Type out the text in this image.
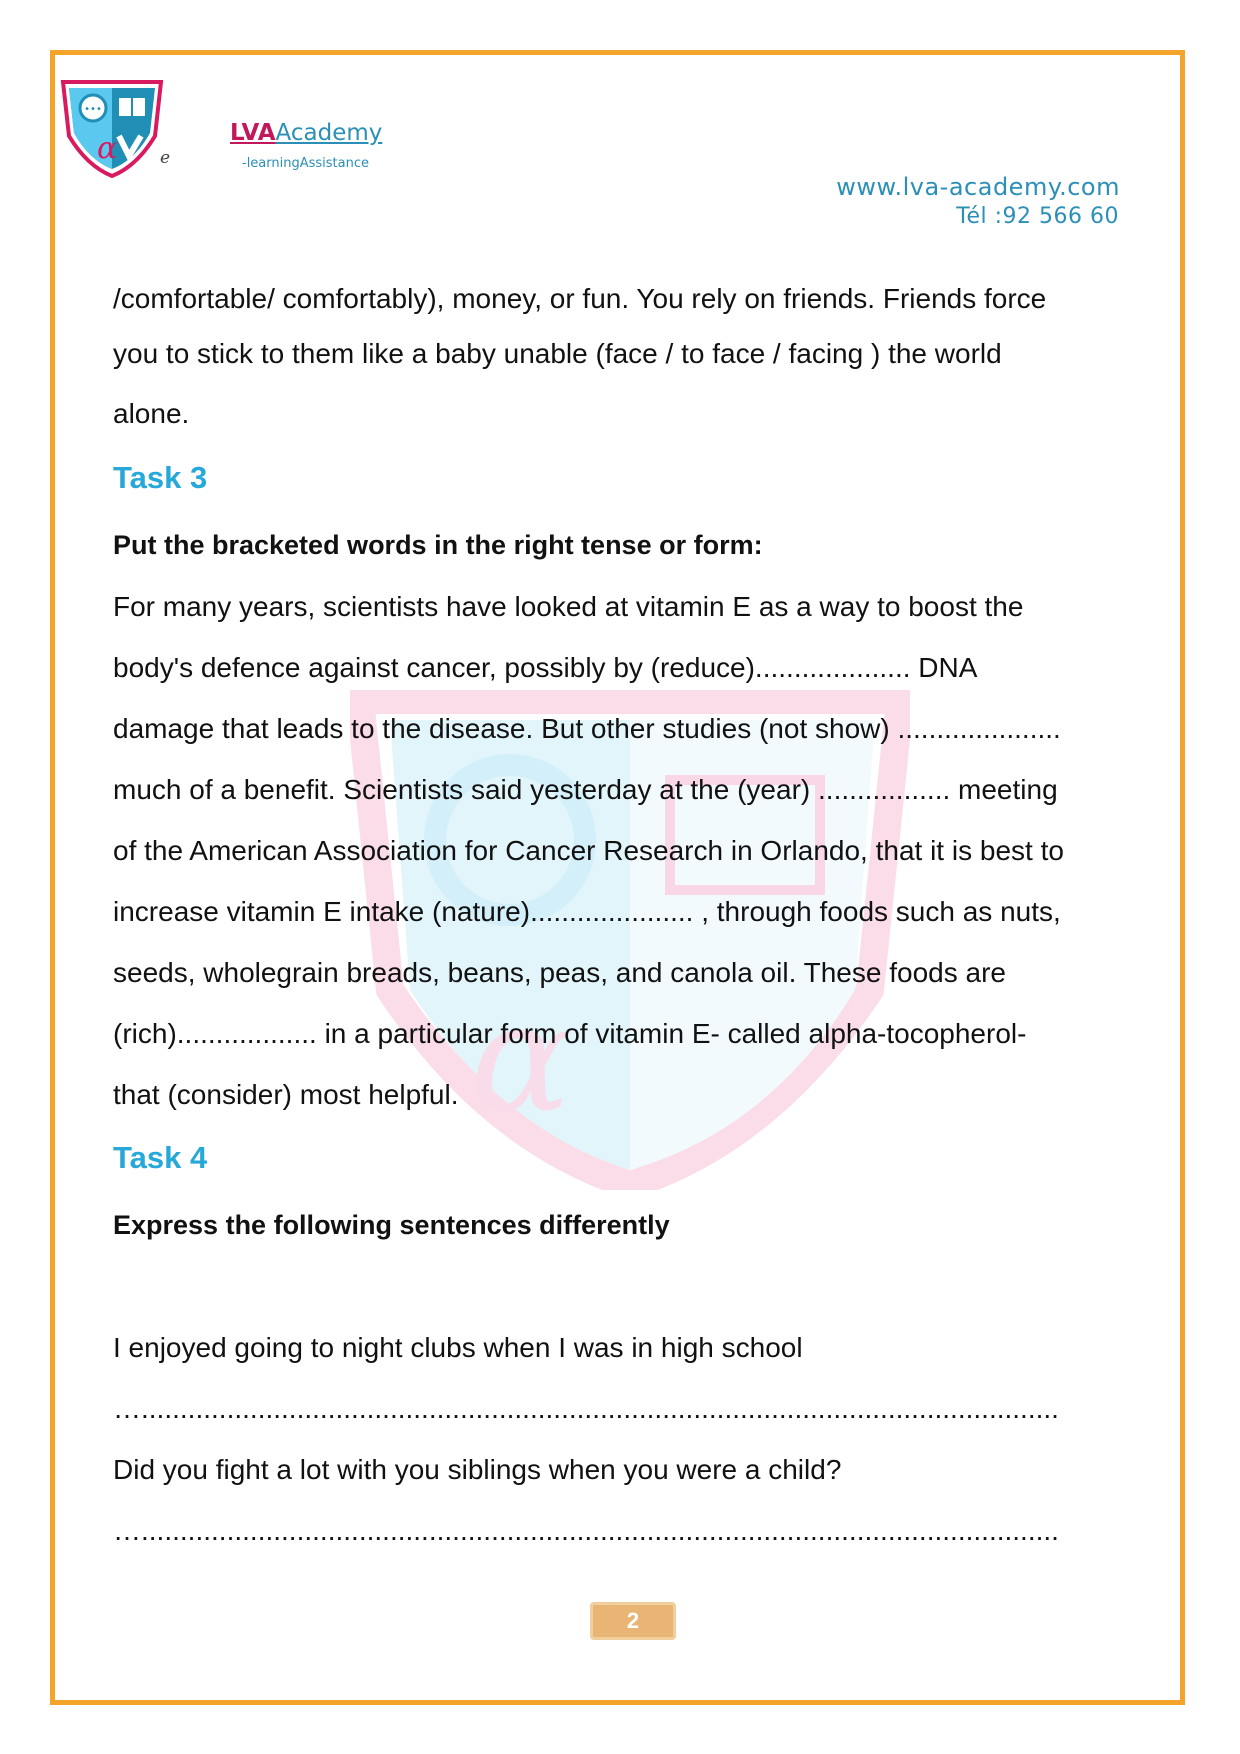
•••
α	e
LVAAcademy
-learningAssistance
www.lva-academy.com
Tél :92 566 60
α
/comfortable/ comfortably), money, or fun. You rely on friends. Friends force
you to stick to them like a baby unable (face / to face / facing ) the world
alone.
Task 3
Put the bracketed words in the right tense or form:
For many years, scientists have looked at vitamin E as a way to boost the
body's defence against cancer, possibly by (reduce).................... DNA
damage that leads to the disease. But other studies (not show) .....................
much of a benefit. Scientists said yesterday at the (year) ................. meeting
of the American Association for Cancer Research in Orlando, that it is best to
increase vitamin E intake (nature)..................... , through foods such as nuts,
seeds, wholegrain breads, beans, peas, and canola oil. These foods are
(rich).................. in a particular form of vitamin E- called alpha-tocopherol-
that (consider) most helpful.
Task 4
Express the following sentences differently
I enjoyed going to night clubs when I was in high school
…......................................................................................................................
Did you fight a lot with you siblings when you were a child?
…......................................................................................................................
2
